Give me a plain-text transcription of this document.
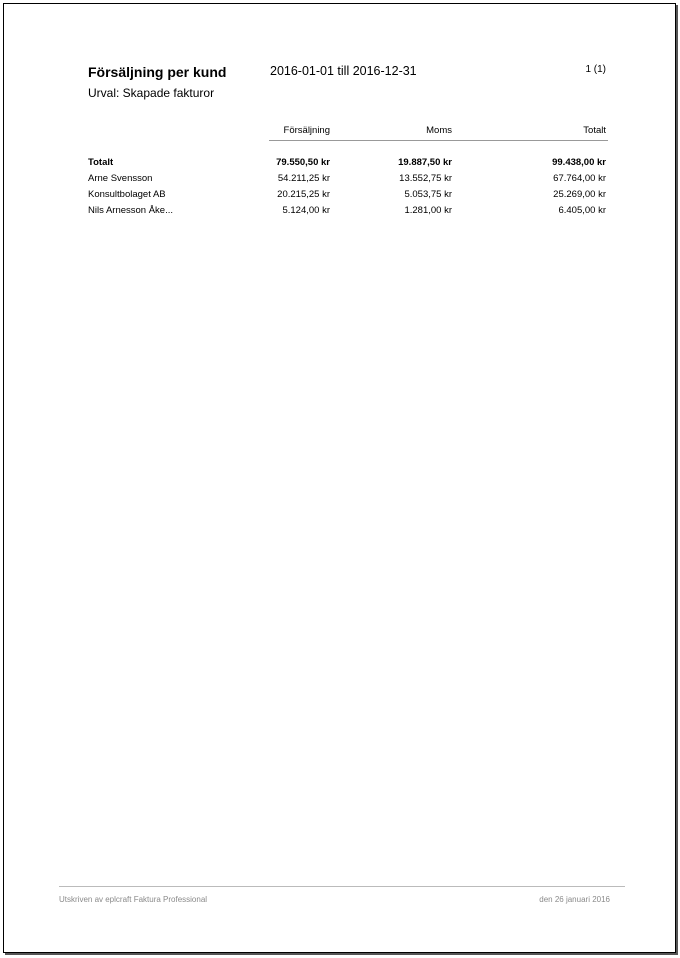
Försäljning per kund
Urval: Skapade fakturor
2016-01-01 till 2016-12-31	1 (1)
Försäljning	Moms	Totalt
Totalt	79.550,50 kr	19.887,50 kr	99.438,00 kr
Arne Svensson	54.211,25 kr	13.552,75 kr	67.764,00 kr
Konsultbolaget AB	20.215,25 kr	5.053,75 kr	25.269,00 kr
Nils Arnesson Åke...	5.124,00 kr	1.281,00 kr	6.405,00 kr
Utskriven av eplcraft Faktura Professional	den 26 januari 2016
